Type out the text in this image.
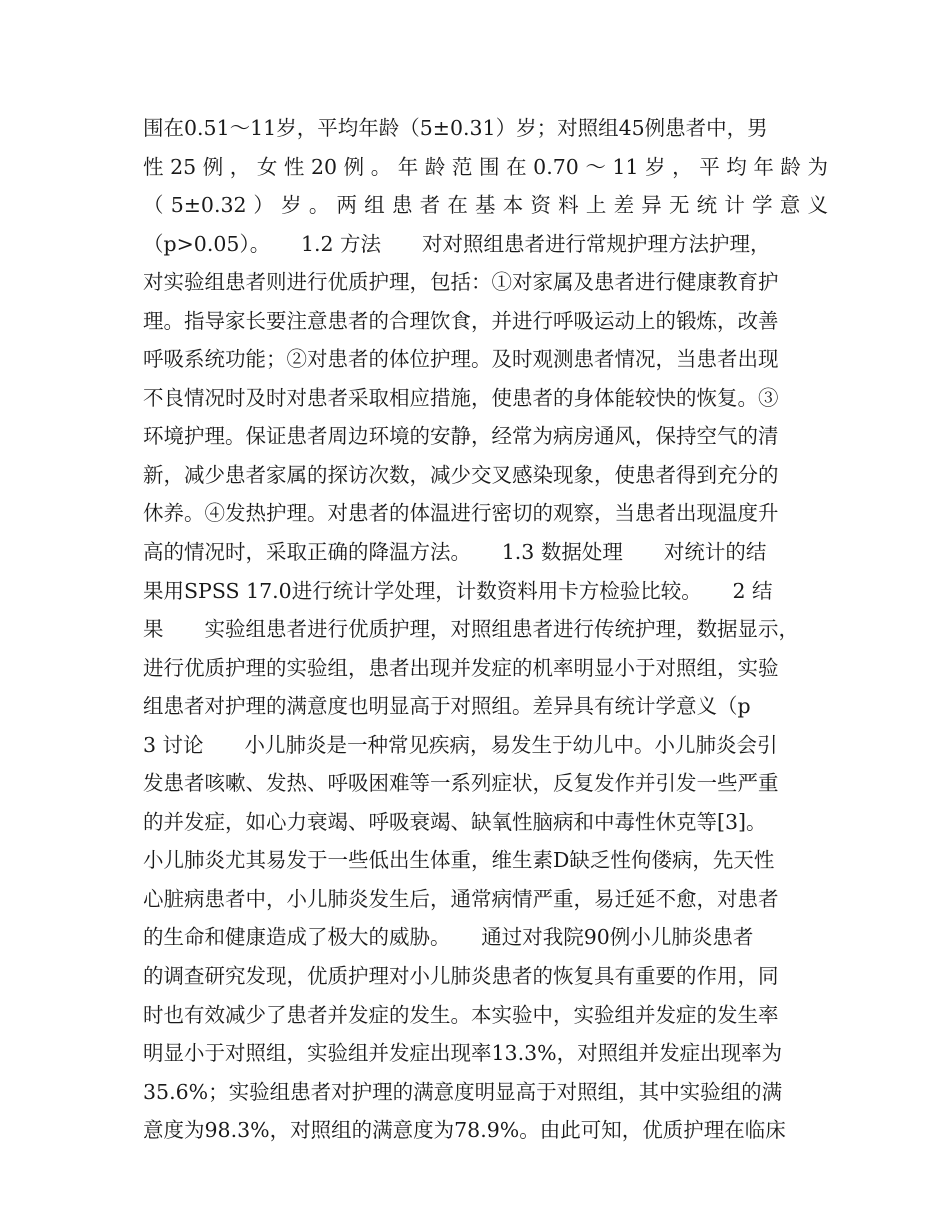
围在0.51～11岁，平均年龄（5±0.31）岁；对照组45例患者中，男
性 25 例 ， 女 性 20 例 。 年 龄 范 围 在 0.70 ～ 11 岁 ， 平 均 年 龄 为
（ 5±0.32 ） 岁 。 两 组 患 者 在 基 本 资 料 上 差 异 无 统 计 学 意 义
（p>0.05）。　　1.2 方法　　对对照组患者进行常规护理方法护理，
对实验组患者则进行优质护理，包括：①对家属及患者进行健康教育护
理。指导家长要注意患者的合理饮食，并进行呼吸运动上的锻炼，改善
呼吸系统功能；②对患者的体位护理。及时观测患者情况，当患者出现
不良情况时及时对患者采取相应措施，使患者的身体能较快的恢复。③
环境护理。保证患者周边环境的安静，经常为病房通风，保持空气的清
新，减少患者家属的探访次数，减少交叉感染现象，使患者得到充分的
休养。④发热护理。对患者的体温进行密切的观察，当患者出现温度升
高的情况时，采取正确的降温方法。　　1.3 数据处理　　对统计的结
果用SPSS 17.0进行统计学处理，计数资料用卡方检验比较。　　2 结
果　　实验组患者进行优质护理，对照组患者进行传统护理，数据显示，
进行优质护理的实验组，患者出现并发症的机率明显小于对照组，实验
组患者对护理的满意度也明显高于对照组。差异具有统计学意义（p
3 讨论　　小儿肺炎是一种常见疾病，易发生于幼儿中。小儿肺炎会引
发患者咳嗽、发热、呼吸困难等一系列症状，反复发作并引发一些严重
的并发症，如心力衰竭、呼吸衰竭、缺氧性脑病和中毒性休克等[3]。
小儿肺炎尤其易发于一些低出生体重，维生素D缺乏性佝偻病，先天性
心脏病患者中，小儿肺炎发生后，通常病情严重，易迁延不愈，对患者
的生命和健康造成了极大的威胁。　　通过对我院90例小儿肺炎患者
的调查研究发现，优质护理对小儿肺炎患者的恢复具有重要的作用，同
时也有效减少了患者并发症的发生。本实验中，实验组并发症的发生率
明显小于对照组，实验组并发症出现率13.3%，对照组并发症出现率为
35.6%；实验组患者对护理的满意度明显高于对照组，其中实验组的满
意度为98.3%，对照组的满意度为78.9%。由此可知，优质护理在临床
